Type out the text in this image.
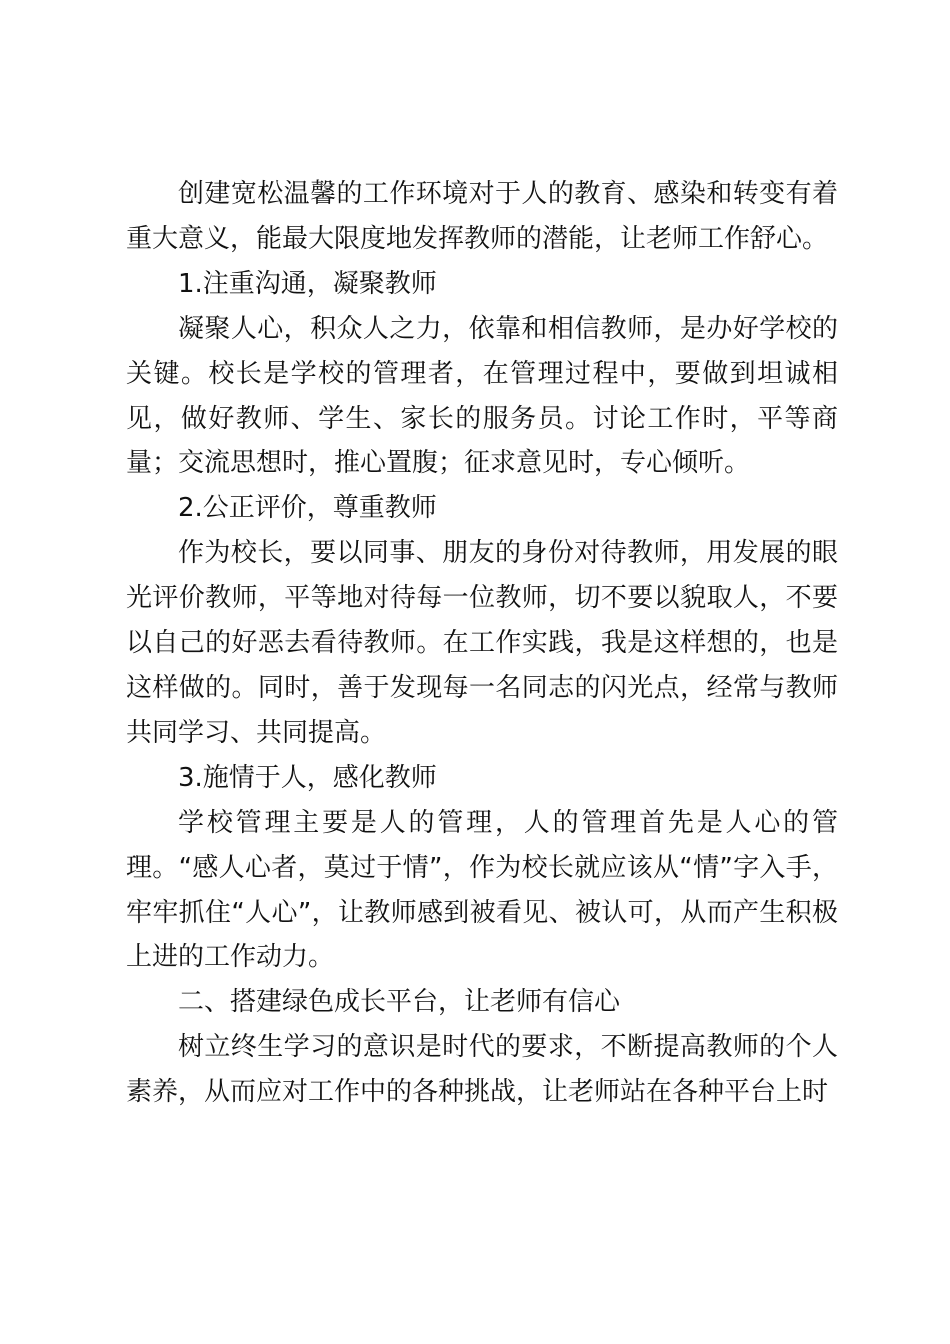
创建宽松温馨的工作环境对于人的教育、感染和转变有着重大意义，能最大限度地发挥教师的潜能，让老师工作舒心。

1.注重沟通，凝聚教师

凝聚人心，积众人之力，依靠和相信教师，是办好学校的关键。校长是学校的管理者，在管理过程中，要做到坦诚相见，做好教师、学生、家长的服务员。讨论工作时，平等商量；交流思想时，推心置腹；征求意见时，专心倾听。

2.公正评价，尊重教师

作为校长，要以同事、朋友的身份对待教师，用发展的眼光评价教师，平等地对待每一位教师，切不要以貌取人，不要以自己的好恶去看待教师。在工作实践，我是这样想的，也是这样做的。同时，善于发现每一名同志的闪光点，经常与教师共同学习、共同提高。

3.施情于人，感化教师

学校管理主要是人的管理，人的管理首先是人心的管理。“感人心者，莫过于情”，作为校长就应该从“情”字入手，牢牢抓住“人心”，让教师感到被看见、被认可，从而产生积极上进的工作动力。

二、搭建绿色成长平台，让老师有信心

树立终生学习的意识是时代的要求，不断提高教师的个人素养，从而应对工作中的各种挑战，让老师站在各种平台上时
